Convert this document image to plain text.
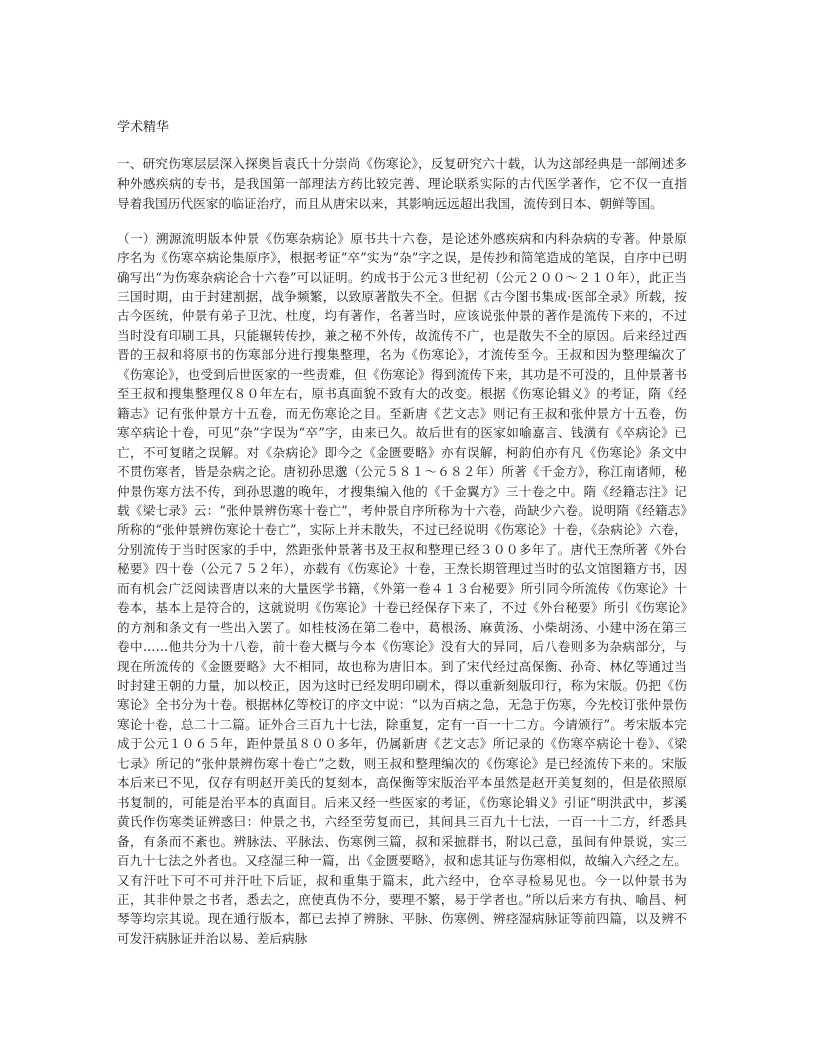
学术精华

一、研究伤寒层层深入探奥旨袁氏十分崇尚《伤寒论》，反复研究六十载，认为这部经典是一部阐述多种外感疾病的专书，是我国第一部理法方药比较完善、理论联系实际的古代医学著作，它不仅一直指导着我国历代医家的临证治疗，而且从唐宋以来，其影响远远超出我国，流传到日本、朝鲜等国。

（一）溯源流明版本仲景《伤寒杂病论》原书共十六卷，是论述外感疾病和内科杂病的专著。仲景原序名为《伤寒卒病论集原序》，根据考证“卒”实为“杂”字之误，是传抄和简笔造成的笔误，自序中已明确写出“为伤寒杂病论合十六卷”可以证明。约成书于公元３世纪初（公元２００～２１０年），此正当三国时期，由于封建割据，战争频繁，以致原著散失不全。但据《古今图书集成·医部全录》所载，按古今医统，仲景有弟子卫沈、杜度，均有著作，名著当时，应该说张仲景的著作是流传下来的，不过当时没有印刷工具，只能辗转传抄，兼之秘不外传，故流传不广，也是散失不全的原因。后来经过西晋的王叔和将原书的伤寒部分进行搜集整理，名为《伤寒论》，才流传至今。王叔和因为整理编次了《伤寒论》，也受到后世医家的一些责难，但《伤寒论》得到流传下来，其功是不可没的，且仲景著书至王叔和搜集整理仅８０年左右，原书真面貌不致有大的改变。根据《伤寒论辑义》的考证，隋《经籍志》记有张仲景方十五卷，而无伤寒论之目。至新唐《艺文志》则记有王叔和张仲景方十五卷，伤寒卒病论十卷，可见“杂”字误为“卒”字，由来已久。故后世有的医家如喻嘉言、钱潢有《卒病论》已亡，不可复睹之误解。对《杂病论》即今之《金匮要略》亦有误解，柯韵伯亦有凡《伤寒论》条文中不贯伤寒者，皆是杂病之论。唐初孙思邈（公元５８１～６８２年）所著《千金方》，称江南诸师，秘仲景伤寒方法不传，到孙思邈的晚年，才搜集编入他的《千金翼方》三十卷之中。隋《经籍志注》记载《梁七录》云：“张仲景辨伤寒十卷亡”，考仲景自序所称为十六卷，尚缺少六卷。说明隋《经籍志》所称的“张仲景辨伤寒论十卷亡”，实际上并未散失，不过已经说明《伤寒论》十卷，《杂病论》六卷，分别流传于当时医家的手中，然距张仲景著书及王叔和整理已经３００多年了。唐代王焘所著《外台秘要》四十卷（公元７５２年），亦载有《伤寒论》十卷，王焘长期管理过当时的弘文馆图籍方书，因而有机会广泛阅读晋唐以来的大量医学书籍，《外第一卷４１３台秘要》所引同今所流传《伤寒论》十卷本，基本上是符合的，这就说明《伤寒论》十卷已经保存下来了，不过《外台秘要》所引《伤寒论》的方剂和条文有一些出入罢了。如桂枝汤在第二卷中，葛根汤、麻黄汤、小柴胡汤、小建中汤在第三卷中……他共分为十八卷，前十卷大概与今本《伤寒论》没有大的异同，后八卷则多为杂病部分，与现在所流传的《金匮要略》大不相同，故也称为唐旧本。到了宋代经过高保衡、孙奇、林亿等通过当时封建王朝的力量，加以校正，因为这时已经发明印刷术，得以重新刻版印行，称为宋版。仍把《伤寒论》全书分为十卷。根据林亿等校订的序文中说：“以为百病之急，无急于伤寒，今先校订张仲景伤寒论十卷，总二十二篇。证外合三百九十七法，除重复，定有一百一十二方。今请颁行”。考宋版本完成于公元１０６５年，距仲景虽８００多年，仍属新唐《艺文志》所记录的《伤寒卒病论十卷》、《梁七录》所记的“张仲景辨伤寒十卷亡”之数，则王叔和整理编次的《伤寒论》是已经流传下来的。宋版本后来已不见，仅存有明赵开美氏的复刻本，高保衡等宋版治平本虽然是赵开美复刻的，但是依照原书复制的，可能是治平本的真面目。后来又经一些医家的考证，《伤寒论辑义》引证“明洪武中，芗溪黄氏作伤寒类证辨惑曰：仲景之书，六经至劳复而已，其间具三百九十七法，一百一十二方，纤悉具备，有条而不紊也。辨脉法、平脉法、伤寒例三篇，叔和采摭群书，附以己意，虽间有仲景说，实三百九十七法之外者也。又痉湿三种一篇，出《金匮要略》，叔和虑其证与伤寒相似，故编入六经之左。又有汗吐下可不可并汗吐下后证，叔和重集于篇末，此六经中，仓卒寻检易见也。今一以仲景书为正，其非仲景之书者，悉去之，庶使真伪不分，要理不繁，易于学者也。”所以后来方有执、喻昌、柯琴等均宗其说。现在通行版本，都已去掉了辨脉、平脉、伤寒例、辨痉湿病脉证等前四篇，以及辨不可发汗病脉证并治以易、差后病脉
